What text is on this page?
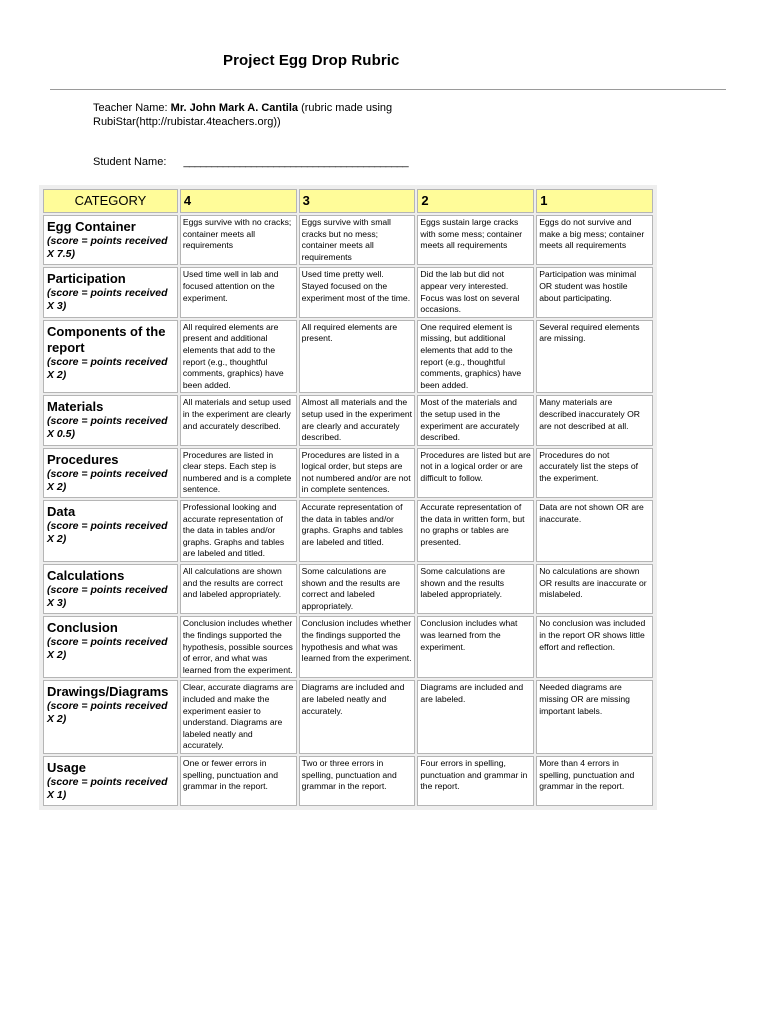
Project Egg Drop Rubric
Teacher Name: Mr. John Mark A. Cantila (rubric made using RubiStar(http://rubistar.4teachers.org))
Student Name: ________________________________________
CATEGORY	4	3	2	1

Egg Container
(score = points received X 7.5)	Eggs survive with no cracks; container meets all requirements	Eggs survive with small cracks but no mess; container meets all requirements	Eggs sustain large cracks with some mess; container meets all requirements	Eggs do not survive and make a big mess; container meets all requirements

Participation
(score = points received X 3)	Used time well in lab and focused attention on the experiment.	Used time pretty well. Stayed focused on the experiment most of the time.	Did the lab but did not appear very interested. Focus was lost on several occasions.	Participation was minimal OR student was hostile about participating.

Components of the report
(score = points received X 2)	All required elements are present and additional elements that add to the report (e.g., thoughtful comments, graphics) have been added.	All required elements are present.	One required element is missing, but additional elements that add to the report (e.g., thoughtful comments, graphics) have been added.	Several required elements are missing.

Materials
(score = points received X 0.5)	All materials and setup used in the experiment are clearly and accurately described.	Almost all materials and the setup used in the experiment are clearly and accurately described.	Most of the materials and the setup used in the experiment are accurately described.	Many materials are described inaccurately OR are not described at all.

Procedures
(score = points received X 2)	Procedures are listed in clear steps. Each step is numbered and is a complete sentence.	Procedures are listed in a logical order, but steps are not numbered and/or are not in complete sentences.	Procedures are listed but are not in a logical order or are difficult to follow.	Procedures do not accurately list the steps of the experiment.

Data
(score = points received X 2)	Professional looking and accurate representation of the data in tables and/or graphs. Graphs and tables are labeled and titled.	Accurate representation of the data in tables and/or graphs. Graphs and tables are labeled and titled.	Accurate representation of the data in written form, but no graphs or tables are presented.	Data are not shown OR are inaccurate.

Calculations
(score = points received X 3)	All calculations are shown and the results are correct and labeled appropriately.	Some calculations are shown and the results are correct and labeled appropriately.	Some calculations are shown and the results labeled appropriately.	No calculations are shown OR results are inaccurate or mislabeled.

Conclusion
(score = points received X 2)	Conclusion includes whether the findings supported the hypothesis, possible sources of error, and what was learned from the experiment.	Conclusion includes whether the findings supported the hypothesis and what was learned from the experiment.	Conclusion includes what was learned from the experiment.	No conclusion was included in the report OR shows little effort and reflection.

Drawings/Diagrams
(score = points received X 2)	Clear, accurate diagrams are included and make the experiment easier to understand. Diagrams are labeled neatly and accurately.	Diagrams are included and are labeled neatly and accurately.	Diagrams are included and are labeled.	Needed diagrams are missing OR are missing important labels.

Usage
(score = points received X 1)	One or fewer errors in spelling, punctuation and grammar in the report.	Two or three errors in spelling, punctuation and grammar in the report.	Four errors in spelling, punctuation and grammar in the report.	More than 4 errors in spelling, punctuation and grammar in the report.
